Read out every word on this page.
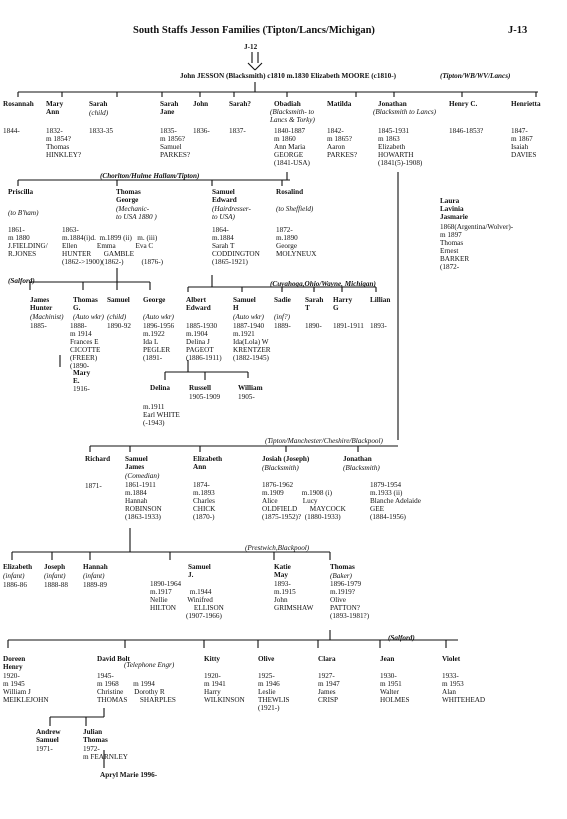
South Staffs Jesson Families (Tipton/Lancs/Michigan)	J-13
J-12
John JESSON (Blacksmith) c1810 m.1830 Elizabeth MOORE (c1810-)	(Tipton/WB/WV/Lancs)
Rosannah
1844-
Mary
Ann
1832-
m 1854?
Thomas
HINKLEY?
Sarah
(child)
1833-35
Sarah
Jane
1835-
m 1856?
Samuel
PARKES?
John
1836-
Sarah?
1837-
Obadiah
(Blacksmith- to
Lancs & Torky)
1840-1887
m 1860
Ann Maria
GEORGE
(1841-USA)
Matilda
1842-
m 1865?
Aaron
PARKES?
Jonathan
(Blacksmith to Lancs)
1845-1931
m 1863
Elizabeth
HOWARTH
(1841(5)-1908)
Henry C.
1846-1853?
Henrietta
1847-
m 1867
Isaiah
DAVIES
(Chorlton/Hulme Hallam/Tipton)
Priscilla
(to B'ham)
1861-
m 1880
J.FIELDING/
R.JONES
Thomas
George
(Mechanic-
to USA 1880 )
1863-
m.1884(i)d.  m.1899 (ii)   m. (iii)
Ellen           Emma           Eva C
HUNTER       GAMBLE
(1862->1900)(1862-)          (1876-)
Samuel
Edward
(Hairdresser-
to USA)
1864-
m.1884
Sarah T
CODDINGTON
(1865-1921)
Rosalind
(to Sheffield)
1872-
m.1890
George
MOLYNEUX
Laura
Lavinia
Jasmarie
1868(Argentina/Wolver)-
m 1897
Thomas
Ernest
BARKER
(1872-
(Salford)
James
Hunter
(Machinist)
1885-
Thomas
G.
(Auto wkr)
1888-
m 1914
Frances E
CICOTTE
(FREER)
(1890-
Samuel
(child)
1890-92
George
(Auto wkr)
1896-1956
m.1922
Ida L
PEGLER
(1891-
Mary
E.
1916-
(Cuyahoga,Ohio/Wayne, Michigan)
Albert
Edward
1885-1930
m.1904
Delina J
PAGEOT
(1886-1911)
Samuel
H
(Auto wkr)
1887-1940
m.1921
Ida(Lola) W
KRENTZER
(1882-1945)
Sadie
(inf?)
1889-
Sarah
T
1890-
Harry
G
1891-1911
Lillian
1893-
Delina
m.1911
Earl WHITE
(-1943)
Russell
1905-1909
William
1905-
(Tipton/Manchester/Cheshire/Blackpool)
Richard
1871-
Samuel
James
(Comedian)
1861-1911
m.1884
Hannah
ROBINSON
(1863-1933)
Elizabeth
Ann
1874-
m.1893
Charles
CHICK
(1870-)
Josiah (Joseph)
(Blacksmith)
1876-1962
m.1909          m.1908 (i)
Alice              Lucy
OLDFIELD       MAYCOCK
(1875-1952)?  (1880-1933)
Jonathan
(Blacksmith)
1879-1954
m.1933 (ii)
Blanche Adelaide
GEE
(1884-1956)
(Prestwich,Blackpool)
Elizabeth
(infant)
1886-86
Joseph
(infant)
1888-88
Hannah
(infant)
1889-89
Samuel
J.
1890-1964
m.1917          m.1944
Nellie           Winifred
HILTON          ELLISON
(1907-1966)
Katie
May
1893-
m.1915
John
GRIMSHAW
Thomas
(Baker)
1896-1979
m.1919?
Olive
PATTON?
(1893-1981?)
(Salford)
Doreen
Henry
1920-
m 1945
William J
MEIKLEJOHN
David Bolt
(Telephone Engr)
1945-
m 1968        m 1994
Christine      Dorothy R
THOMAS       SHARPLES
Kitty
1920-
m 1941
Harry
WILKINSON
Olive
1925-
m 1946
Leslie
THEWLIS
(1921-)
Clara
1927-
m 1947
James
CRISP
Jean
1930-
m 1951
Walter
HOLMES
Violet
1933-
m 1953
Alan
WHITEHEAD
Andrew
Samuel
1971-
Julian
Thomas
1972-
m FEARNLEY
Apryl Marie 1996-
